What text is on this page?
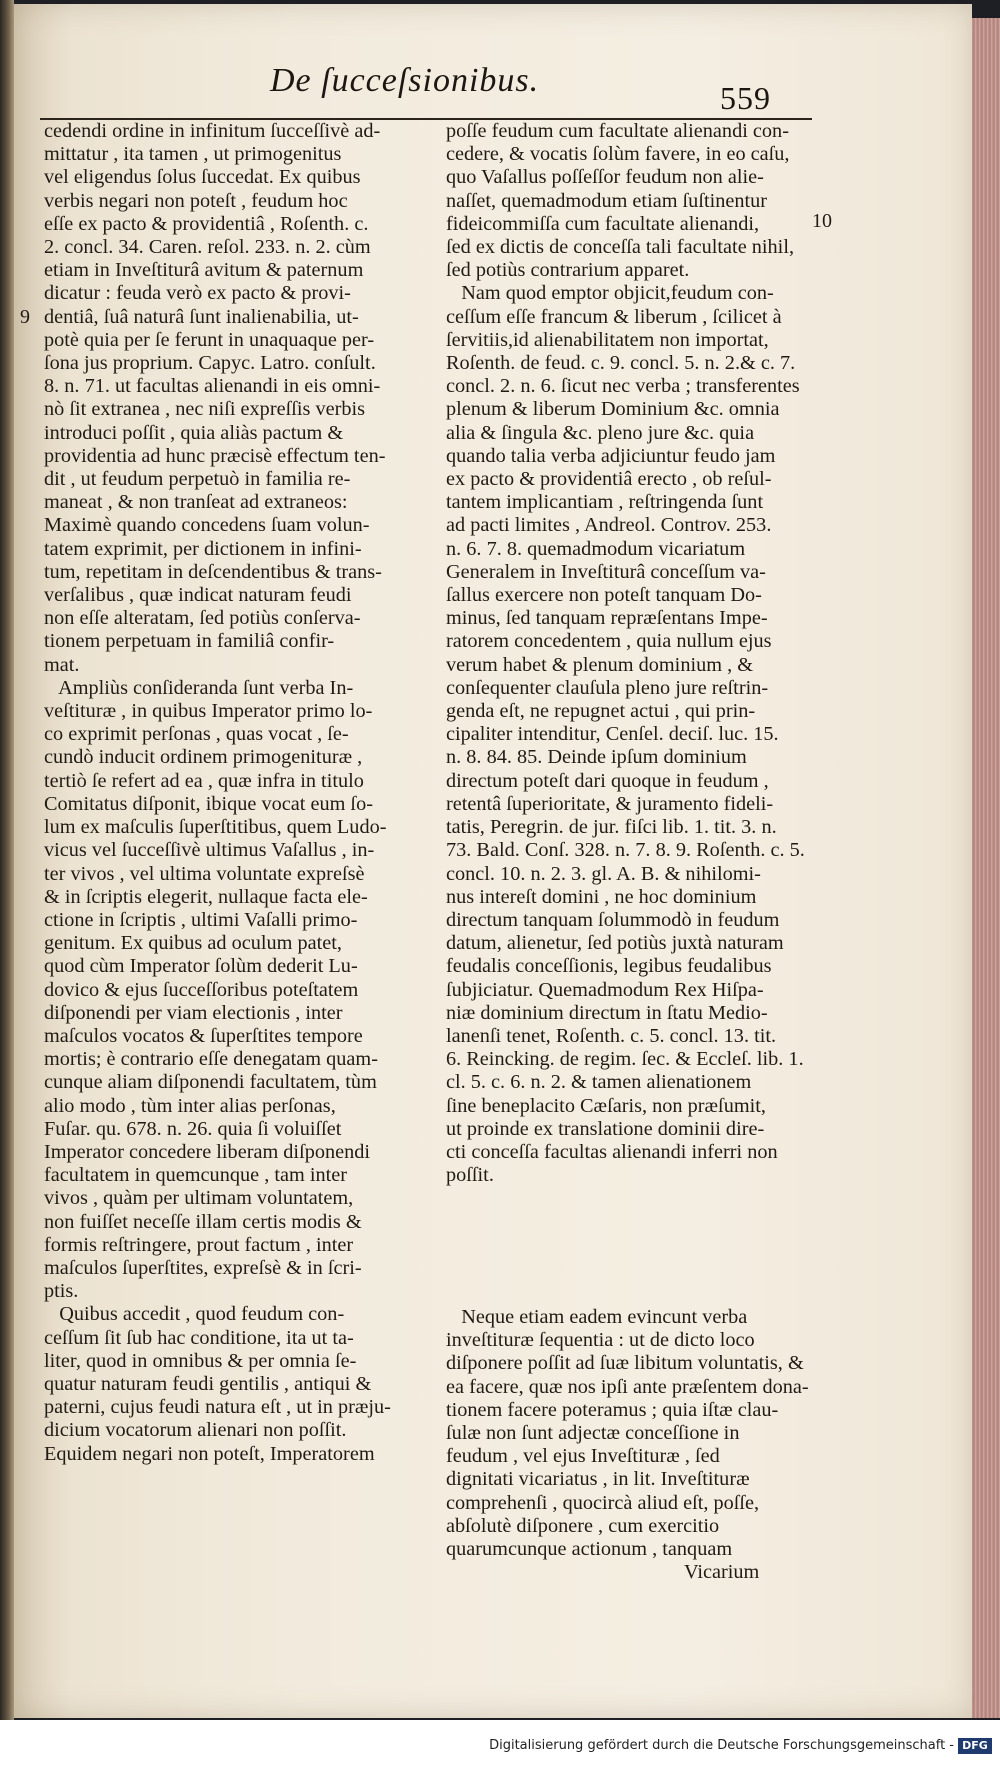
De ſucceſsionibus.	559
10
9
cedendi ordine in infinitum ſucceſſivè ad-
mittatur , ita tamen , ut primogenitus
vel eligendus ſolus ſuccedat. Ex quibus
verbis negari non poteſt , feudum hoc
eſſe ex pacto & providentiâ , Roſenth. c.
2. concl. 34. Caren. reſol. 233. n. 2. cùm
etiam in Inveſtiturâ avitum & paternum
dicatur : feuda verò ex pacto & provi-
dentiâ, ſuâ naturâ ſunt inalienabilia, ut-
potè quia per ſe ferunt in unaquaque per-
ſona jus proprium. Capyc. Latro. conſult.
8. n. 71. ut facultas alienandi in eis omni-
nò ſit extranea , nec niſi expreſſis verbis
introduci poſſit , quia aliàs pactum &
providentia ad hunc præcisè effectum ten-
dit , ut feudum perpetuò in familia re-
maneat , & non tranſeat ad extraneos:
Maximè quando concedens ſuam volun-
tatem exprimit, per dictionem in infini-
tum, repetitam in deſcendentibus & trans-
verſalibus , quæ indicat naturam feudi
non eſſe alteratam, ſed potiùs conſerva-
tionem perpetuam in familiâ confir-
mat.
Ampliùs conſideranda ſunt verba In-
veſtituræ , in quibus Imperator primo lo-
co exprimit perſonas , quas vocat , ſe-
cundò inducit ordinem primogenituræ ,
tertiò ſe refert ad ea , quæ infra in titulo
Comitatus diſponit, ibique vocat eum ſo-
lum ex maſculis ſuperſtitibus, quem Ludo-
vicus vel ſucceſſivè ultimus Vaſallus , in-
ter vivos , vel ultima voluntate expreſsè
& in ſcriptis elegerit, nullaque facta ele-
ctione in ſcriptis , ultimi Vaſalli primo-
genitum. Ex quibus ad oculum patet,
quod cùm Imperator ſolùm dederit Lu-
dovico & ejus ſucceſſoribus poteſtatem
diſponendi per viam electionis , inter
maſculos vocatos & ſuperſtites tempore
mortis; è contrario eſſe denegatam quam-
cunque aliam diſponendi facultatem, tùm
alio modo , tùm inter alias perſonas,
Fuſar. qu. 678. n. 26. quia ſi voluiſſet
Imperator concedere liberam diſponendi
facultatem in quemcunque , tam inter
vivos , quàm per ultimam voluntatem,
non fuiſſet neceſſe illam certis modis &
formis reſtringere, prout factum , inter
maſculos ſuperſtites, expreſsè & in ſcri-
ptis.
Quibus accedit , quod feudum con-
ceſſum ſit ſub hac conditione, ita ut ta-
liter, quod in omnibus & per omnia ſe-
quatur naturam feudi gentilis , antiqui &
paterni, cujus feudi natura eſt , ut in præju-
dicium vocatorum alienari non poſſit.
Equidem negari non poteſt, Imperatorem
poſſe feudum cum facultate alienandi con-
cedere, & vocatis ſolùm favere, in eo caſu,
quo Vaſallus poſſeſſor feudum non alie-
naſſet, quemadmodum etiam ſuſtinentur
fideicommiſſa cum facultate alienandi,
ſed ex dictis de conceſſa tali facultate nihil,
ſed potiùs contrarium apparet.
Nam quod emptor objicit,feudum con-
ceſſum eſſe francum & liberum , ſcilicet à
ſervitiis,id alienabilitatem non importat,
Roſenth. de feud. c. 9. concl. 5. n. 2.& c. 7.
concl. 2. n. 6. ſicut nec verba ; transferentes
plenum & liberum Dominium &c. omnia
alia & ſingula &c. pleno jure &c. quia
quando talia verba adjiciuntur feudo jam
ex pacto & providentiâ erecto , ob reſul-
tantem implicantiam , reſtringenda ſunt
ad pacti limites , Andreol. Controv. 253.
n. 6. 7. 8. quemadmodum vicariatum
Generalem in Inveſtiturâ conceſſum va-
ſallus exercere non poteſt tanquam Do-
minus, ſed tanquam repræſentans Impe-
ratorem concedentem , quia nullum ejus
verum habet & plenum dominium , &
conſequenter clauſula pleno jure reſtrin-
genda eſt, ne repugnet actui , qui prin-
cipaliter intenditur, Cenſel. deciſ. luc. 15.
n. 8. 84. 85. Deinde ipſum dominium
directum poteſt dari quoque in feudum ,
retentâ ſuperioritate, & juramento fideli-
tatis, Peregrin. de jur. fiſci lib. 1. tit. 3. n.
73. Bald. Conſ. 328. n. 7. 8. 9. Roſenth. c. 5.
concl. 10. n. 2. 3. gl. A. B. & nihilomi-
nus intereſt domini , ne hoc dominium
directum tanquam ſolummodò in feudum
datum, alienetur, ſed potiùs juxtà naturam
feudalis conceſſionis, legibus feudalibus
ſubjiciatur. Quemadmodum Rex Hiſpa-
niæ dominium directum in ſtatu Medio-
lanenſi tenet, Roſenth. c. 5. concl. 13. tit.
6. Reincking. de regim. ſec. & Eccleſ. lib. 1.
cl. 5. c. 6. n. 2. & tamen alienationem
ſine beneplacito Cæſaris, non præſumit,
ut proinde ex translatione dominii dire-
cti conceſſa facultas alienandi inferri non
poſſit.
Neque etiam eadem evincunt verba
inveſtituræ ſequentia : ut de dicto loco
diſponere poſſit ad ſuæ libitum voluntatis, &
ea facere, quæ nos ipſi ante præſentem dona-
tionem facere poteramus ; quia iſtæ clau-
ſulæ non ſunt adjectæ conceſſione in
feudum , vel ejus Inveſtituræ , ſed
dignitati vicariatus , in lit. Inveſtituræ
comprehenſi , quocircà aliud eſt, poſſe,
abſolutè diſponere , cum exercitio
quarumcunque actionum , tanquam
Vicarium
Digitalisierung gefördert durch die Deutsche Forschungsgemeinschaft - DFG
